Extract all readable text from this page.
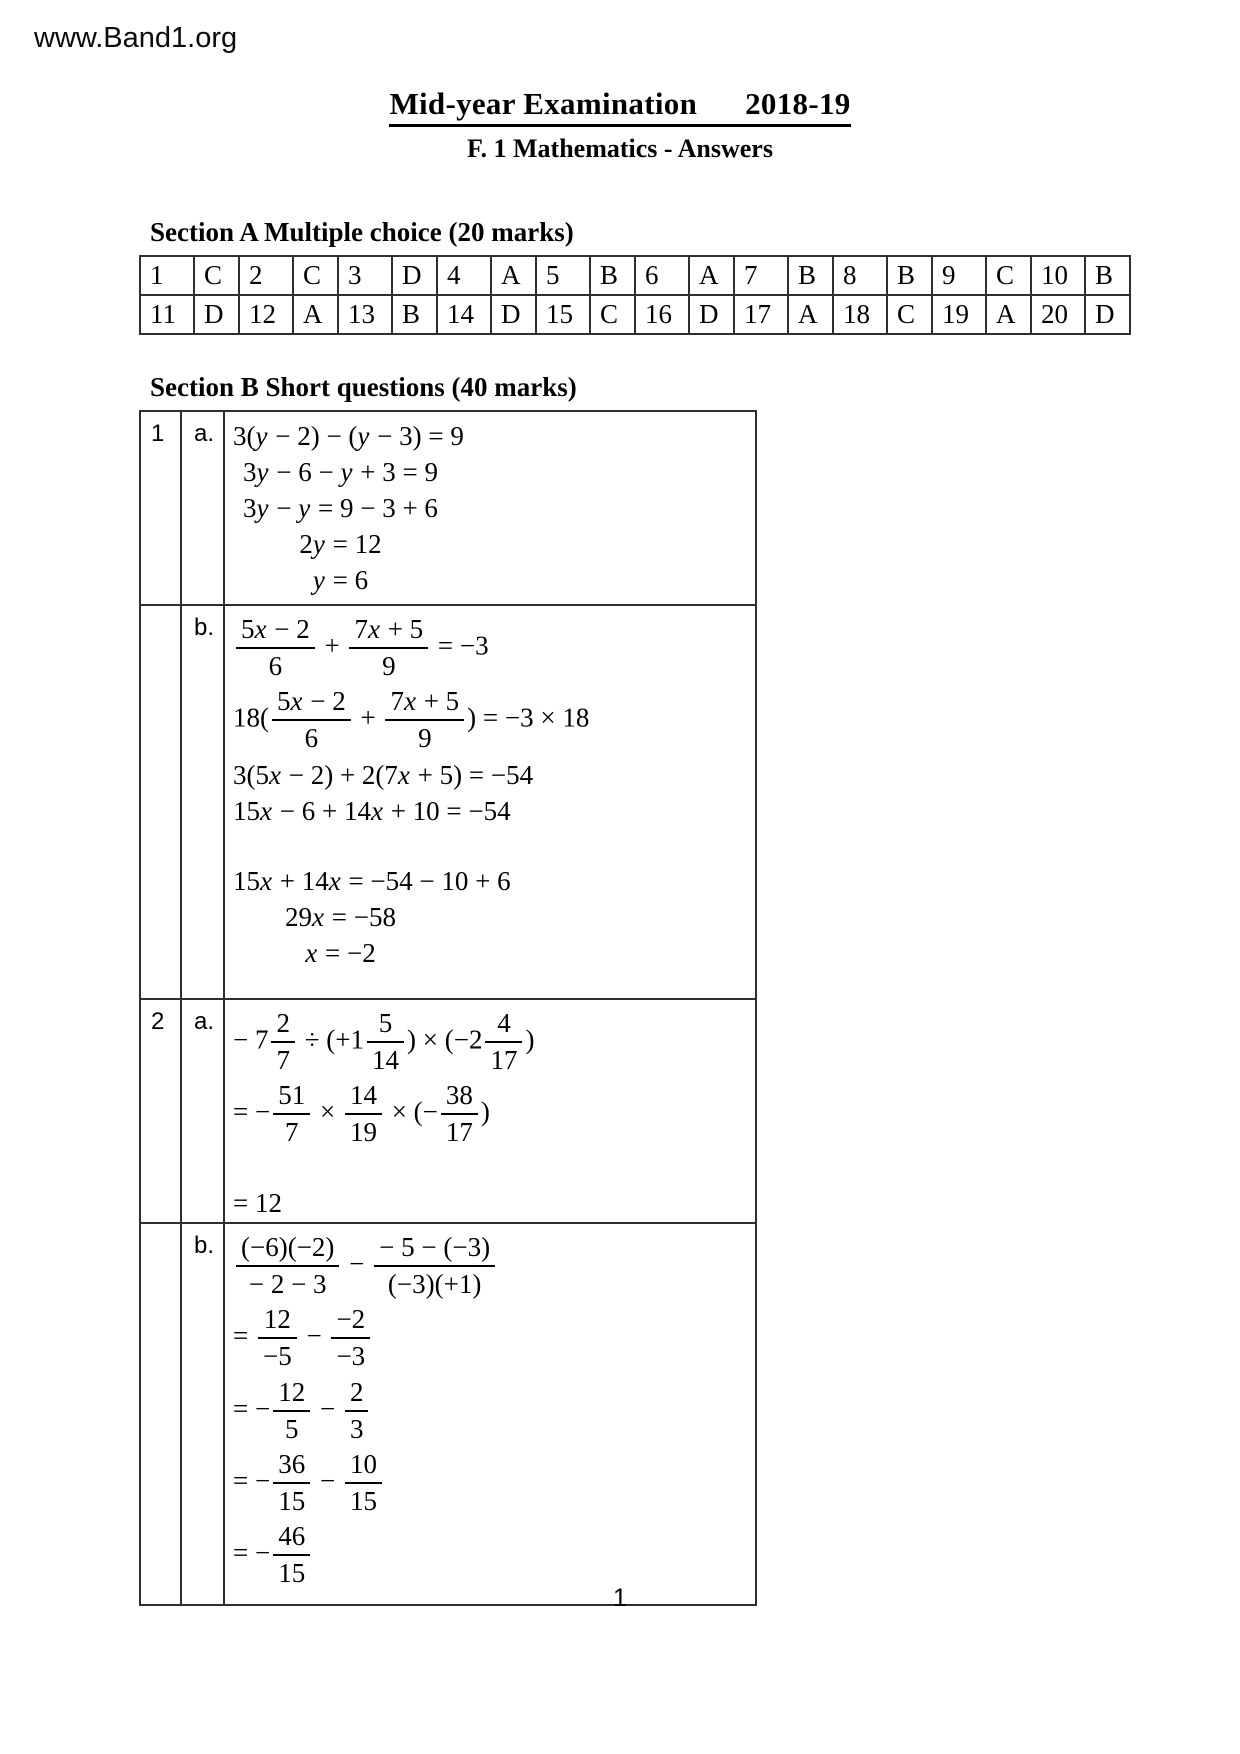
www.Band1.org
Mid-year Examination 2018-19
F. 1 Mathematics - Answers
Section A Multiple choice (20 marks)
1	C	2	C	3	D	4	A	5	B	6	A	7	B	8	B	9	C	10	B
11	D	12	A	13	B	14	D	15	C	16	D	17	A	18	C	19	A	20	D
Section B Short questions (40 marks)
1	a.	3(y − 2) − (y − 3) = 9
3y − 6 − y + 3 = 9
3y − y = 9 − 3 + 6
2y = 12
y = 6

	b.	$\frac{5x - 2}{6} + \frac{7x + 5}{9} = -3$
$18( \frac{5x - 2}{6} + \frac{7x + 5}{9}$ ) = −3 × 18
3(5x − 2) + 2(7x + 5) = −54
15x − 6 + 14x + 10 = −54
15x + 14x = −54 − 10 + 6
29x = −58
x = −2

2	a.	
− $7 \frac{2}{7} \div (+1 \frac{5}{14}$ ) × ($-2 \frac{4}{17}$ )
= − $\frac{51}{7} \times \frac{14}{19}$ × (− $\frac{38}{17}$ )
= 12

	b.	$\frac{(-6)(-2)}{- 2 - 3} - \frac{- 5 - (-3)}{(-3)(+1)}$
= $\frac{12}{-5} - \frac{-2}{-3}$
= − $\frac{12}{5} - \frac{2}{3}$
= − $\frac{36}{15} - \frac{10}{15}$
= − $\frac{46}{15}$
1
